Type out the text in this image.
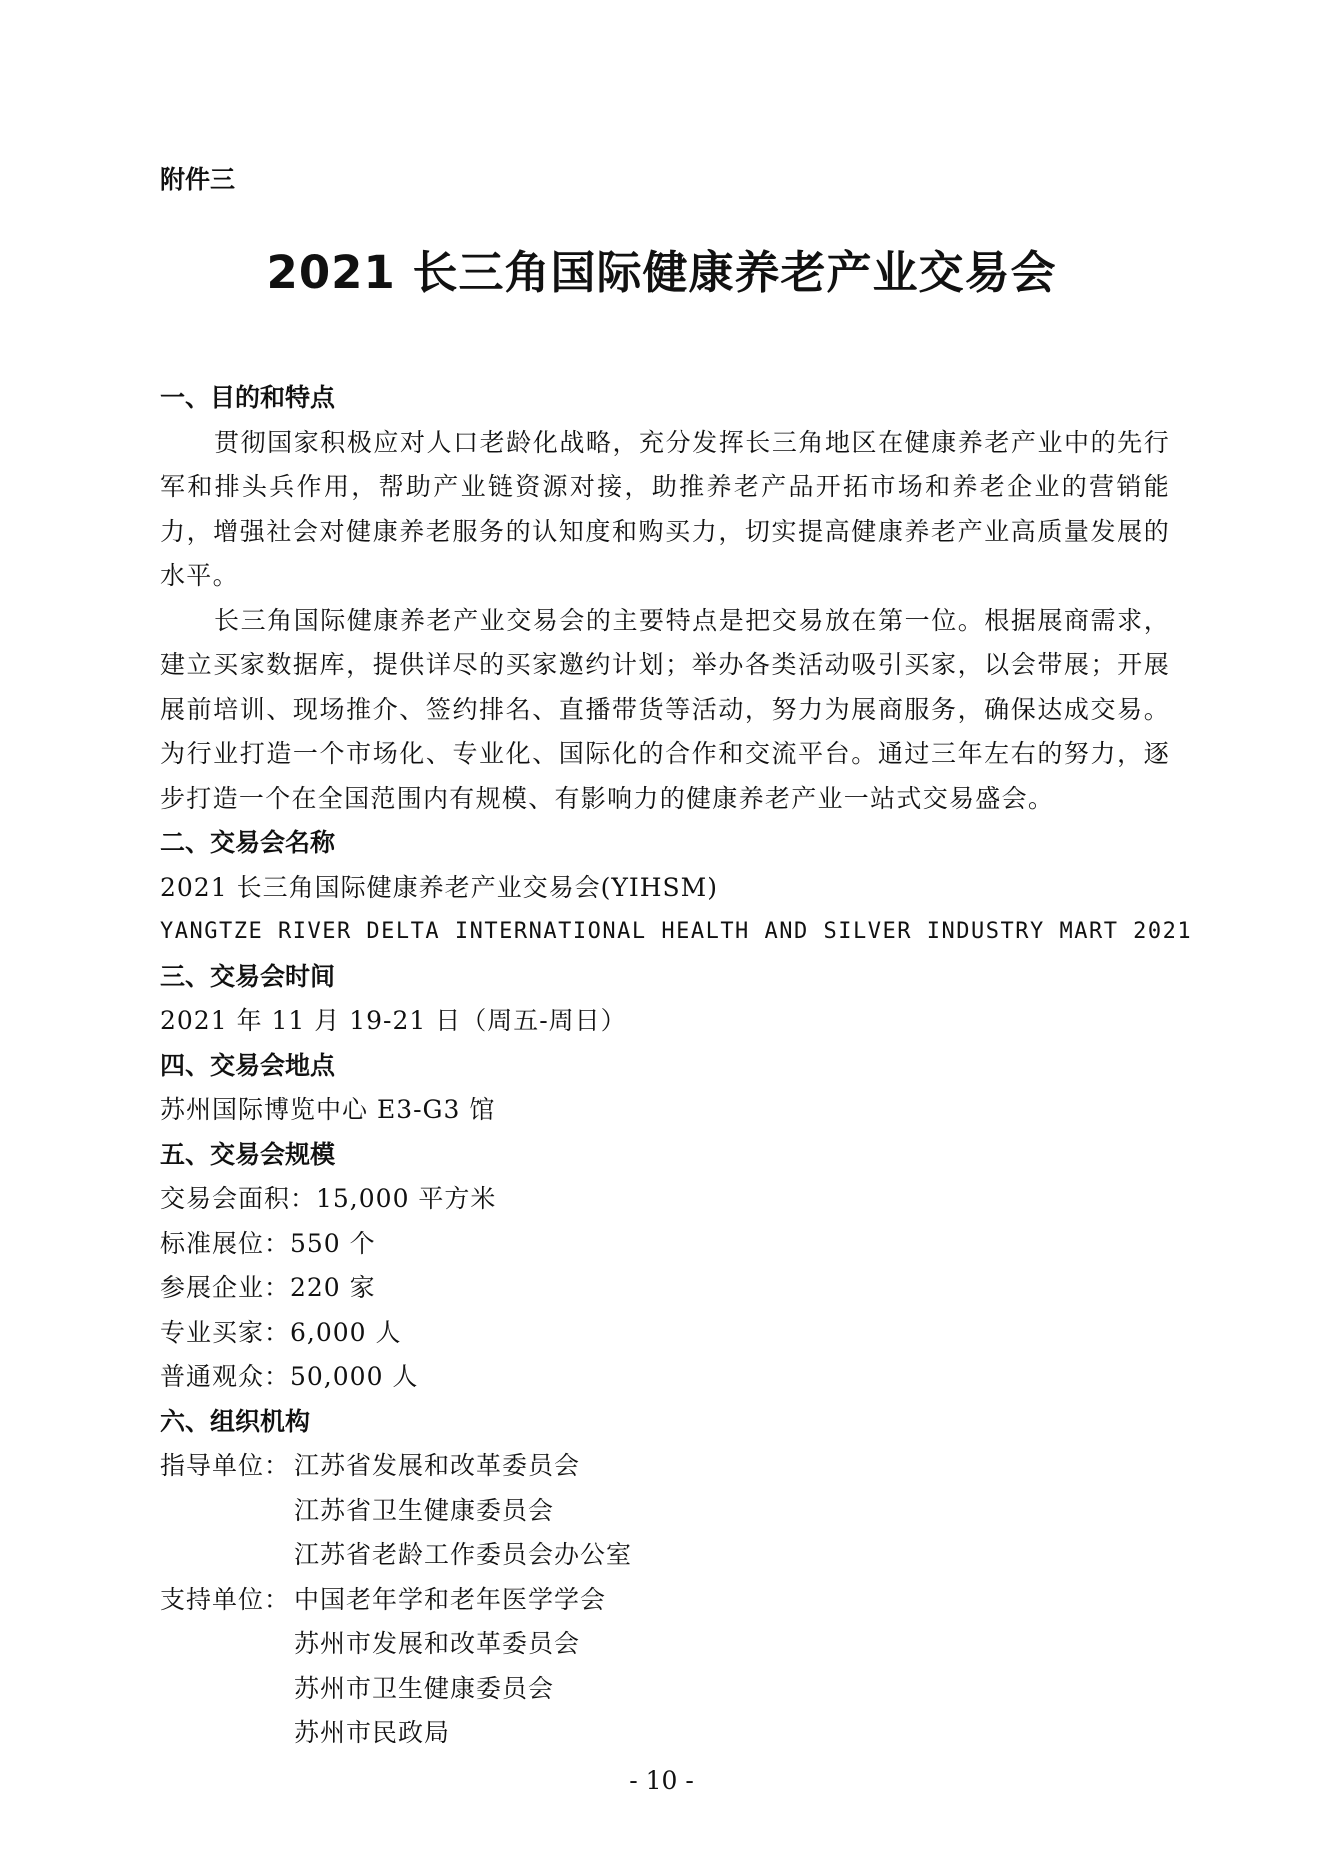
附件三
2021 长三角国际健康养老产业交易会
一、目的和特点

贯彻国家积极应对人口老龄化战略，充分发挥长三角地区在健康养老产业中的先行军和排头兵作用，帮助产业链资源对接，助推养老产品开拓市场和养老企业的营销能力，增强社会对健康养老服务的认知度和购买力，切实提高健康养老产业高质量发展的水平。

长三角国际健康养老产业交易会的主要特点是把交易放在第一位。根据展商需求，建立买家数据库，提供详尽的买家邀约计划；举办各类活动吸引买家，以会带展；开展展前培训、现场推介、签约排名、直播带货等活动，努力为展商服务，确保达成交易。为行业打造一个市场化、专业化、国际化的合作和交流平台。通过三年左右的努力，逐步打造一个在全国范围内有规模、有影响力的健康养老产业一站式交易盛会。

二、交易会名称
2021 长三角国际健康养老产业交易会(YIHSM)
YANGTZE RIVER DELTA INTERNATIONAL HEALTH AND SILVER INDUSTRY MART 2021
三、交易会时间
2021 年 11 月 19-21 日（周五-周日）
四、交易会地点
苏州国际博览中心 E3-G3 馆
五、交易会规模
交易会面积：15,000 平方米
标准展位：550 个
参展企业：220 家
专业买家：6,000 人
普通观众：50,000 人
六、组织机构
指导单位： 江苏省发展和改革委员会
江苏省卫生健康委员会
江苏省老龄工作委员会办公室
支持单位： 中国老年学和老年医学学会
苏州市发展和改革委员会
苏州市卫生健康委员会
苏州市民政局
- 10 -
